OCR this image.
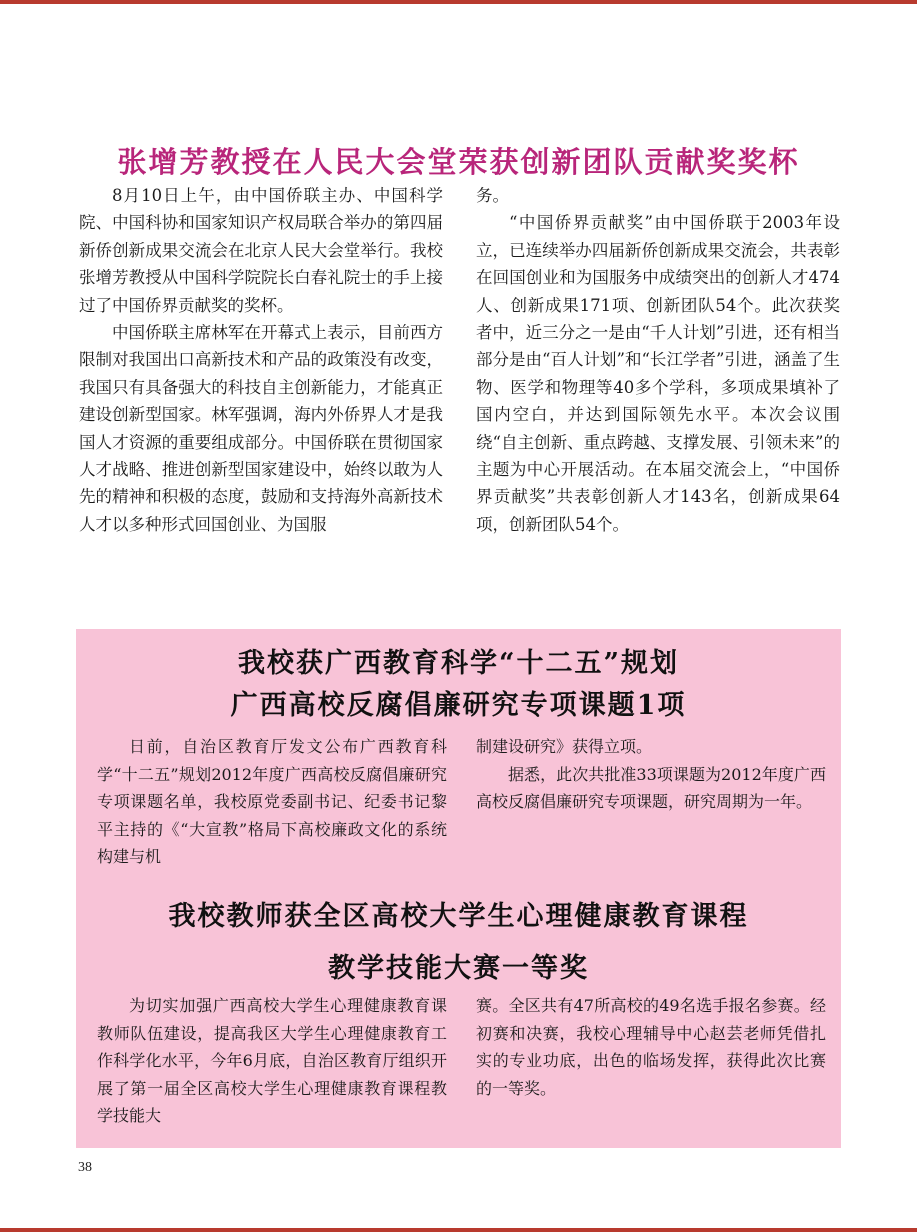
张增芳教授在人民大会堂荣获创新团队贡献奖奖杯

8月10日上午，由中国侨联主办、中国科学院、中国科协和国家知识产权局联合举办的第四届新侨创新成果交流会在北京人民大会堂举行。我校张增芳教授从中国科学院院长白春礼院士的手上接过了中国侨界贡献奖的奖杯。

中国侨联主席林军在开幕式上表示，目前西方限制对我国出口高新技术和产品的政策没有改变，我国只有具备强大的科技自主创新能力，才能真正建设创新型国家。林军强调，海内外侨界人才是我国人才资源的重要组成部分。中国侨联在贯彻国家人才战略、推进创新型国家建设中，始终以敢为人先的精神和积极的态度，鼓励和支持海外高新技术人才以多种形式回国创业、为国服

务。

“中国侨界贡献奖”由中国侨联于2003年设立，已连续举办四届新侨创新成果交流会，共表彰在回国创业和为国服务中成绩突出的创新人才474人、创新成果171项、创新团队54个。此次获奖者中，近三分之一是由“千人计划”引进，还有相当部分是由“百人计划”和“长江学者”引进，涵盖了生物、医学和物理等40多个学科，多项成果填补了国内空白，并达到国际领先水平。本次会议围绕“自主创新、重点跨越、支撑发展、引领未来”的主题为中心开展活动。在本届交流会上，“中国侨界贡献奖”共表彰创新人才143名，创新成果64项，创新团队54个。

我校获广西教育科学“十二五”规划
广西高校反腐倡廉研究专项课题1项

日前，自治区教育厅发文公布广西教育科学“十二五”规划2012年度广西高校反腐倡廉研究专项课题名单，我校原党委副书记、纪委书记黎平主持的《“大宣教”格局下高校廉政文化的系统构建与机

制建设研究》获得立项。

据悉，此次共批准33项课题为2012年度广西高校反腐倡廉研究专项课题，研究周期为一年。

我校教师获全区高校大学生心理健康教育课程
教学技能大赛一等奖

为切实加强广西高校大学生心理健康教育课教师队伍建设，提高我区大学生心理健康教育工作科学化水平，今年6月底，自治区教育厅组织开展了第一届全区高校大学生心理健康教育课程教学技能大

赛。全区共有47所高校的49名选手报名参赛。经初赛和决赛，我校心理辅导中心赵芸老师凭借扎实的专业功底，出色的临场发挥，获得此次比赛的一等奖。

38
